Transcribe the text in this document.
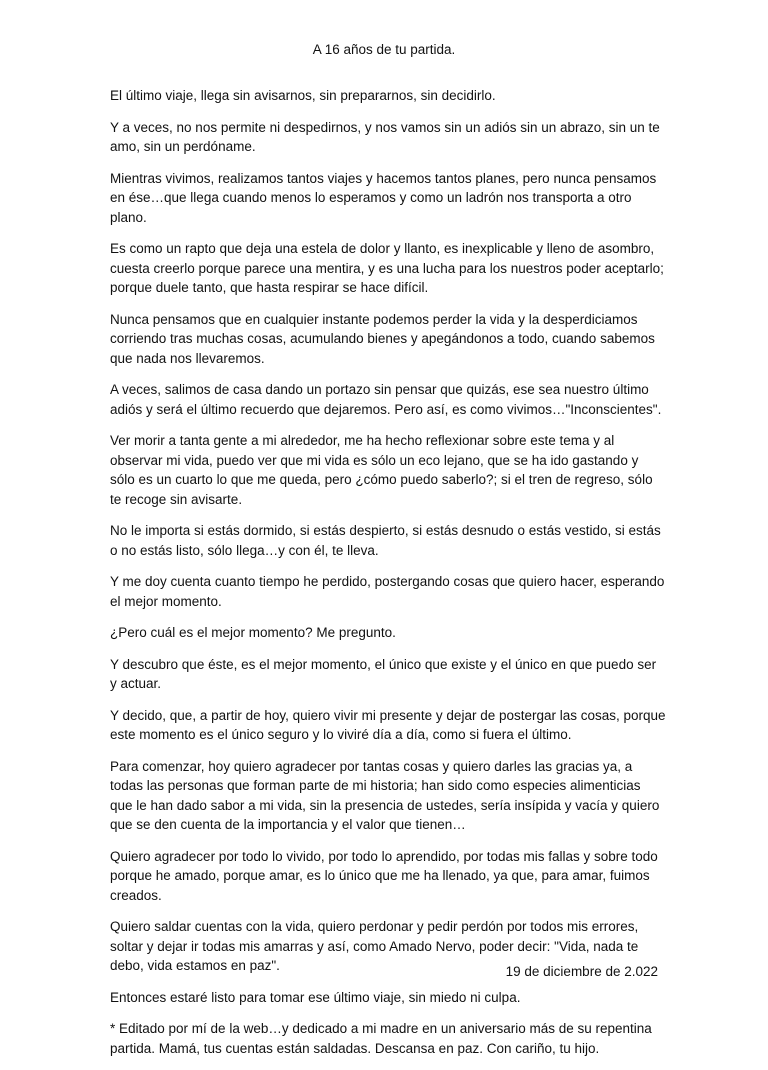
A 16 años de tu partida.

El último viaje, llega sin avisarnos, sin prepararnos, sin decidirlo.

Y a veces, no nos permite ni despedirnos, y nos vamos sin un adiós sin un abrazo, sin un te amo, sin un perdóname.

Mientras vivimos, realizamos tantos viajes y hacemos tantos planes, pero nunca pensamos en ése…que llega cuando menos lo esperamos y como un ladrón nos transporta a otro plano.

Es como un rapto que deja una estela de dolor y llanto, es inexplicable y lleno de asombro, cuesta creerlo porque parece una mentira, y es una lucha para los nuestros poder aceptarlo; porque duele tanto, que hasta respirar se hace difícil.

Nunca pensamos que en cualquier instante podemos perder la vida y la desperdiciamos corriendo tras muchas cosas, acumulando bienes y apegándonos a todo, cuando sabemos que nada nos llevaremos.

A veces, salimos de casa dando un portazo sin pensar que quizás, ese sea nuestro último adiós y será el último recuerdo que dejaremos. Pero así, es como vivimos…"Inconscientes".

Ver morir a tanta gente a mi alrededor, me ha hecho reflexionar sobre este tema y al observar mi vida, puedo ver que mi vida es sólo un eco lejano, que se ha ido gastando y sólo es un cuarto lo que me queda, pero ¿cómo puedo saberlo?; si el tren de regreso, sólo te recoge sin avisarte.

No le importa si estás dormido, si estás despierto, si estás desnudo o estás vestido, si estás o no estás listo, sólo llega…y con él, te lleva.

Y me doy cuenta cuanto tiempo he perdido, postergando cosas que quiero hacer, esperando el mejor momento.

¿Pero cuál es el mejor momento? Me pregunto.

Y descubro que éste, es el mejor momento, el único que existe y el único en que puedo ser y actuar.

Y decido, que, a partir de hoy, quiero vivir mi presente y dejar de postergar las cosas, porque este momento es el único seguro y lo viviré día a día, como si fuera el último.

Para comenzar, hoy quiero agradecer por tantas cosas y quiero darles las gracias ya, a todas las personas que forman parte de mi historia; han sido como especies alimenticias que le han dado sabor a mi vida, sin la presencia de ustedes, sería insípida y vacía y quiero que se den cuenta de la importancia y el valor que tienen…

Quiero agradecer por todo lo vivido, por todo lo aprendido, por todas mis fallas y sobre todo porque he amado, porque amar, es lo único que me ha llenado, ya que, para amar, fuimos creados.

Quiero saldar cuentas con la vida, quiero perdonar y pedir perdón por todos mis errores, soltar y dejar ir todas mis amarras y así, como Amado Nervo, poder decir: "Vida, nada te debo, vida estamos en paz".

Entonces estaré listo para tomar ese último viaje, sin miedo ni culpa.

* Editado por mí de la web…y dedicado a mi madre en un aniversario más de su repentina partida. Mamá, tus cuentas están saldadas. Descansa en paz. Con cariño, tu hijo.

19 de diciembre de 2.022
